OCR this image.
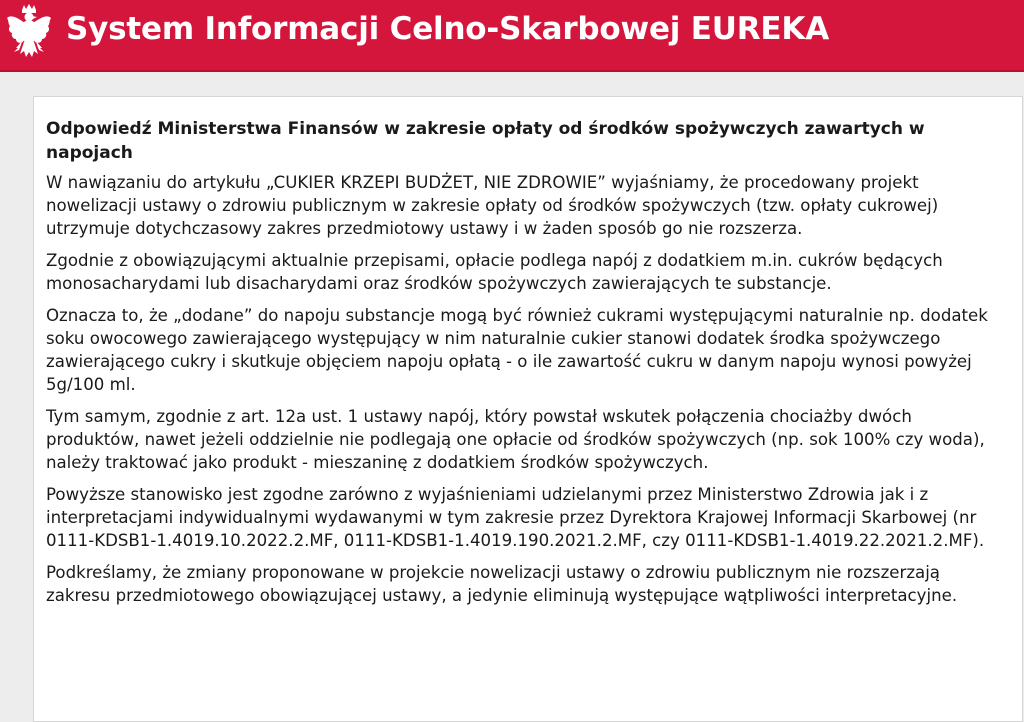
System Informacji Celno-Skarbowej EUREKA
Odpowiedź Ministerstwa Finansów w zakresie opłaty od środków spożywczych zawartych w napojach

W nawiązaniu do artykułu „CUKIER KRZEPI BUDŻET, NIE ZDROWIE” wyjaśniamy, że procedowany projekt nowelizacji ustawy o zdrowiu publicznym w zakresie opłaty od środków spożywczych (tzw. opłaty cukrowej) utrzymuje dotychczasowy zakres przedmiotowy ustawy i w żaden sposób go nie rozszerza.

Zgodnie z obowiązującymi aktualnie przepisami, opłacie podlega napój z dodatkiem m.in. cukrów będących monosacharydami lub disacharydami oraz środków spożywczych zawierających te substancje.

Oznacza to, że „dodane” do napoju substancje mogą być również cukrami występującymi naturalnie np. dodatek soku owocowego zawierającego występujący w nim naturalnie cukier stanowi dodatek środka spożywczego zawierającego cukry i skutkuje objęciem napoju opłatą - o ile zawartość cukru w danym napoju wynosi powyżej 5g/100 ml.

Tym samym, zgodnie z art. 12a ust. 1 ustawy napój, który powstał wskutek połączenia chociażby dwóch produktów, nawet jeżeli oddzielnie nie podlegają one opłacie od środków spożywczych (np. sok 100% czy woda), należy traktować jako produkt - mieszaninę z dodatkiem środków spożywczych.

Powyższe stanowisko jest zgodne zarówno z wyjaśnieniami udzielanymi przez Ministerstwo Zdrowia jak i z interpretacjami indywidualnymi wydawanymi w tym zakresie przez Dyrektora Krajowej Informacji Skarbowej (nr 0111-KDSB1-1.4019.10.2022.2.MF, 0111-KDSB1-1.4019.190.2021.2.MF, czy 0111-KDSB1-1.4019.22.2021.2.MF).

Podkreślamy, że zmiany proponowane w projekcie nowelizacji ustawy o zdrowiu publicznym nie rozszerzają zakresu przedmiotowego obowiązującej ustawy, a jedynie eliminują występujące wątpliwości interpretacyjne.
